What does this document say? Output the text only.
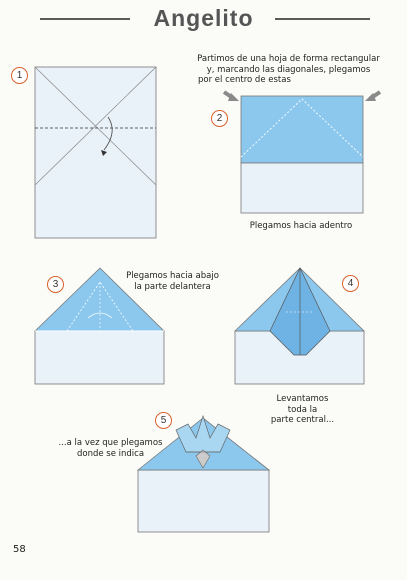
Angelito
1
2
3	4
5
Partimos de una hoja de forma rectangular
y, marcando las diagonales, plegamos
por el centro de estas
Plegamos hacia adentro
Plegamos hacia abajo
la parte delantera
Levantamos
toda la
parte central...
...a la vez que plegamos
donde se indica
58
